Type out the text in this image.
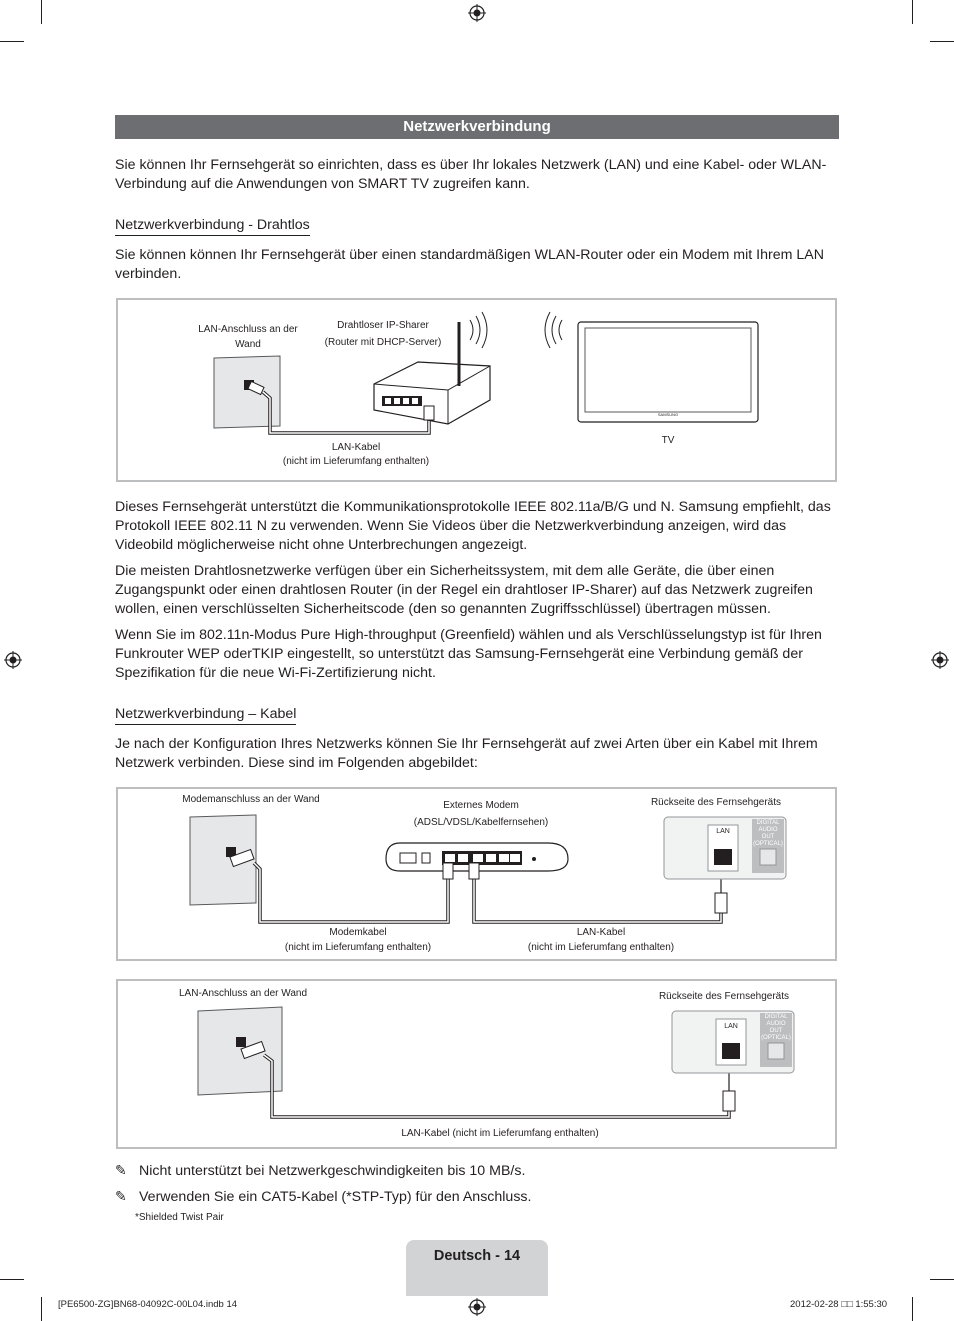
Netzwerkverbindung

Sie können Ihr Fernsehgerät so einrichten, dass es über Ihr lokales Netzwerk (LAN) und eine Kabel- oder WLAN-Verbindung auf die Anwendungen von SMART TV zugreifen kann.

Netzwerkverbindung - Drahtlos

Sie können können Ihr Fernsehgerät über einen standardmäßigen WLAN-Router oder ein Modem mit Ihrem LAN verbinden.

LAN-Anschluss an der Wand
Drahtloser IP-Sharer
(Router mit DHCP-Server)
LAN-Kabel
(nicht im Lieferumfang enthalten)
TV
SAMSUNG

Dieses Fernsehgerät unterstützt die Kommunikationsprotokolle IEEE 802.11a/B/G und N. Samsung empfiehlt, das Protokoll IEEE 802.11 N zu verwenden. Wenn Sie Videos über die Netzwerkverbindung anzeigen, wird das Videobild möglicherweise nicht ohne Unterbrechungen angezeigt.

Die meisten Drahtlosnetzwerke verfügen über ein Sicherheitssystem, mit dem alle Geräte, die über einen Zugangspunkt oder einen drahtlosen Router (in der Regel ein drahtloser IP-Sharer) auf das Netzwerk zugreifen wollen, einen verschlüsselten Sicherheitscode (den so genannten Zugriffsschlüssel) übertragen müssen.

Wenn Sie im 802.11n-Modus Pure High-throughput (Greenfield) wählen und als Verschlüsselungstyp ist für Ihren Funkrouter WEP oderTKIP eingestellt, so unterstützt das Samsung-Fernsehgerät eine Verbindung gemäß der Spezifikation für die neue Wi-Fi-Zertifizierung nicht.

Netzwerkverbindung – Kabel

Je nach der Konfiguration Ihres Netzwerks können Sie Ihr Fernsehgerät auf zwei Arten über ein Kabel mit Ihrem Netzwerk verbinden. Diese sind im Folgenden abgebildet:

Modemanschluss an der Wand
Externes Modem
(ADSL/VDSL/Kabelfernsehen)
Rückseite des Fernsehgeräts
Modemkabel
(nicht im Lieferumfang enthalten)
LAN-Kabel
(nicht im Lieferumfang enthalten)
LAN
DIGITAL AUDIO OUT (OPTICAL)
LAN-Anschluss an der Wand	Rückseite des Fernsehgeräts
LAN-Kabel (nicht im Lieferumfang enthalten)
LAN
DIGITAL AUDIO OUT (OPTICAL)
✎ Nicht unterstützt bei Netzwerkgeschwindigkeiten bis 10 MB/s.
✎ Verwenden Sie ein CAT5-Kabel (*STP-Typ) für den Anschluss.
*Shielded Twist Pair
Deutsch - 14
[PE6500-ZG]BN68-04092C-00L04.indb 14	2012-02-28 □□ 1:55:30
